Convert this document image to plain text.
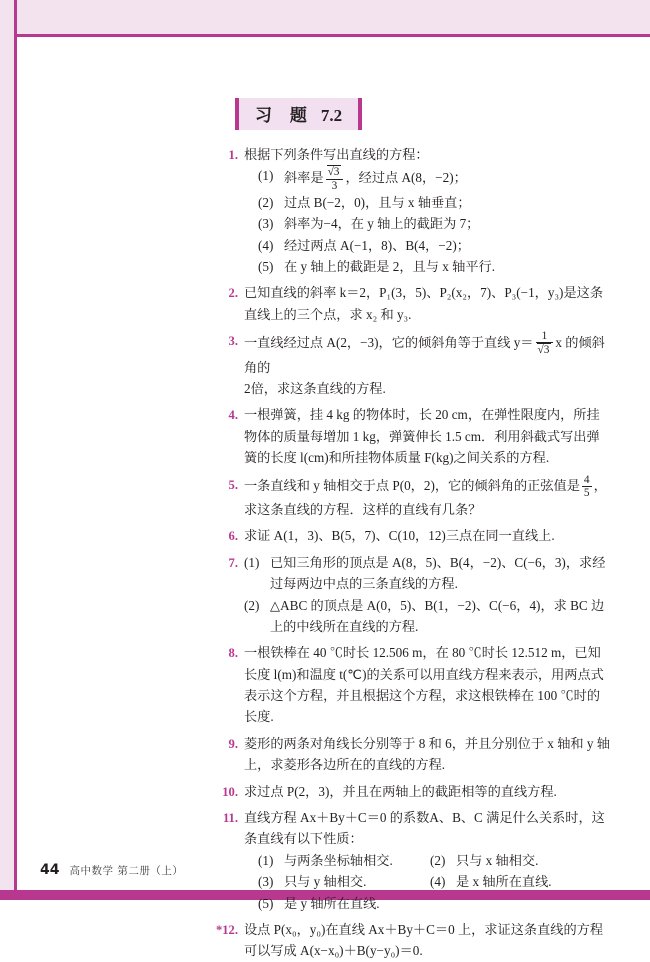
习 题 7.2
1. 根据下列条件写出直线的方程：
(1) 斜率是 $\frac{√3}{3}$ ，经过点 A(8，−2)；
(2) 过点 B(−2，0)，且与 x 轴垂直；
(3) 斜率为−4，在 y 轴上的截距为 7；
(4) 经过两点 A(−1，8)、B(4，−2)；
(5) 在 y 轴上的截距是 2，且与 x 轴平行.
2. 已知直线的斜率 k＝2，P₁(3，5)、P₂(x₂，7)、P₃(−1，y₃)是这条直线上的三个点，求 x₂ 和 y₃.
3. 一直线经过点 A(2，−3)，它的倾斜角等于直线 $y= \frac{1}{√3}$ x 的倾斜角的
2倍，求这条直线的方程.
4. 一根弹簧，挂 4 kg 的物体时，长 20 cm，在弹性限度内，所挂物体的质量每增加 1 kg，弹簧伸长 1.5 cm．利用斜截式写出弹簧的长度 l(cm)和所挂物体质量 F(kg)之间关系的方程.
5. 一条直线和 y 轴相交于点 P(0，2)，它的倾斜角的正弦值是 $\frac{4}{5}$ ，求这条直线的方程．这样的直线有几条？
6. 求证 A(1，3)、B(5，7)、C(10，12)三点在同一直线上.
7. (1) 已知三角形的顶点是 A(8，5)、B(4，−2)、C(−6，3)，求经过每两边中点的三条直线的方程.
(2) △ABC 的顶点是 A(0，5)、B(1，−2)、C(−6，4)，求 BC 边上的中线所在直线的方程.
8. 一根铁棒在 40 ℃时长 12.506 m，在 80 ℃时长 12.512 m，已知长度 l(m)和温度 t(℃)的关系可以用直线方程来表示，用两点式表示这个方程，并且根据这个方程，求这根铁棒在 100 ℃时的长度.
9. 菱形的两条对角线长分别等于 8 和 6，并且分别位于 x 轴和 y 轴上，求菱形各边所在的直线的方程.
10. 求过点 P(2，3)，并且在两轴上的截距相等的直线方程.
11. 直线方程 Ax＋By＋C＝0 的系数A、B、C 满足什么关系时，这条直线有以下性质：
(1) 与两条坐标轴相交.	(2) 只与 x 轴相交.
(3) 只与 y 轴相交.	(4) 是 x 轴所在直线.
(5) 是 y 轴所在直线.
*12. 设点 P(x₀，y₀)在直线 Ax＋By＋C＝0 上，求证这条直线的方程可以写成 A(x−x₀)＋B(y−y₀)＝0.
44 高中数学 第二册（上）
